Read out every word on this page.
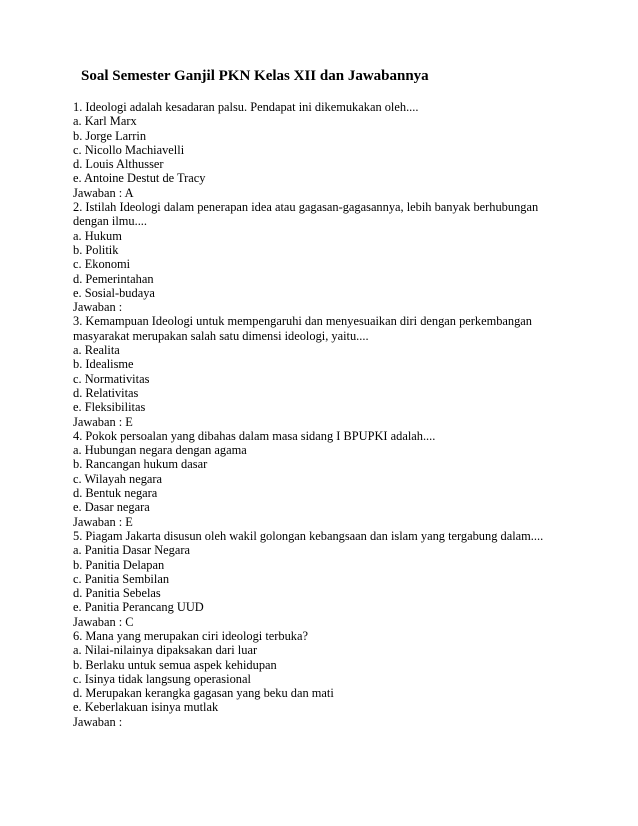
Soal Semester Ganjil PKN Kelas XII dan Jawabannya
1. Ideologi adalah kesadaran palsu. Pendapat ini dikemukakan oleh....
a. Karl Marx
b. Jorge Larrin
c. Nicollo Machiavelli
d. Louis Althusser
e. Antoine Destut de Tracy
Jawaban : A
2. Istilah Ideologi dalam penerapan idea atau gagasan-gagasannya, lebih banyak berhubungan
dengan ilmu....
a. Hukum
b. Politik
c. Ekonomi
d. Pemerintahan
e. Sosial-budaya
Jawaban :
3. Kemampuan Ideologi untuk mempengaruhi dan menyesuaikan diri dengan perkembangan
masyarakat merupakan salah satu dimensi ideologi, yaitu....
a. Realita
b. Idealisme
c. Normativitas
d. Relativitas
e. Fleksibilitas
Jawaban : E
4. Pokok persoalan yang dibahas dalam masa sidang I BPUPKI adalah....
a. Hubungan negara dengan agama
b. Rancangan hukum dasar
c. Wilayah negara
d. Bentuk negara
e. Dasar negara
Jawaban : E
5. Piagam Jakarta disusun oleh wakil golongan kebangsaan dan islam yang tergabung dalam....
a. Panitia Dasar Negara
b. Panitia Delapan
c. Panitia Sembilan
d. Panitia Sebelas
e. Panitia Perancang UUD
Jawaban : C
6. Mana yang merupakan ciri ideologi terbuka?
a. Nilai-nilainya dipaksakan dari luar
b. Berlaku untuk semua aspek kehidupan
c. Isinya tidak langsung operasional
d. Merupakan kerangka gagasan yang beku dan mati
e. Keberlakuan isinya mutlak
Jawaban :
